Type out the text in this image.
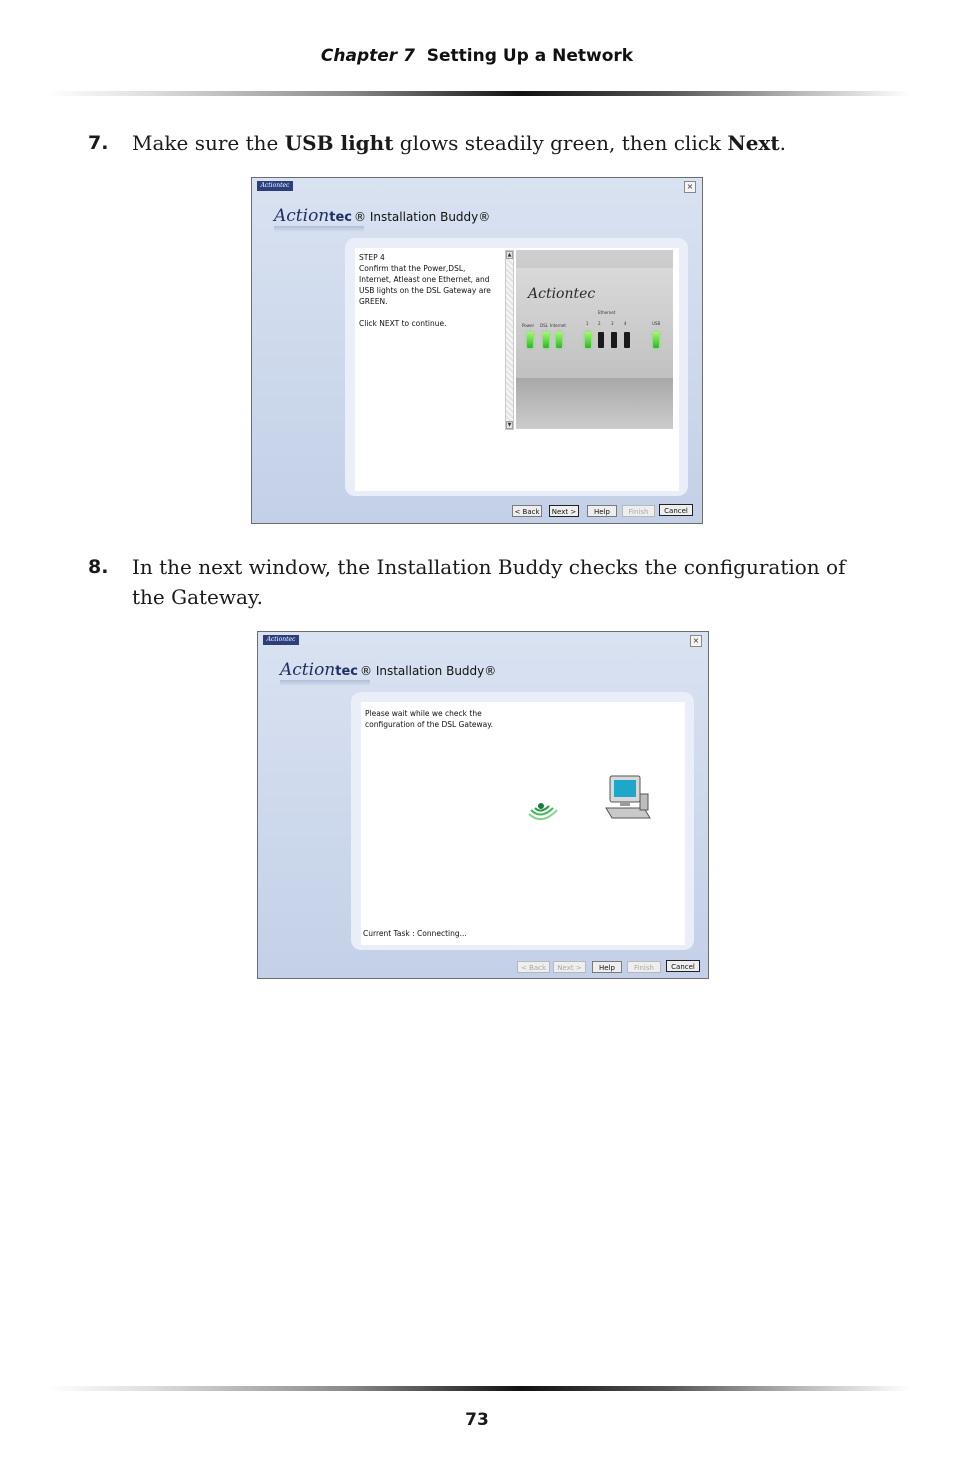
Chapter 7 Setting Up a Network
7. Make sure the USB light glows steadily green, then click Next.
Actiontec	×
Actiontec ® Installation Buddy®
STEP 4
Confirm that the Power,DSL,
Internet, Atleast one Ethernet, and
USB lights on the DSL Gateway are
GREEN.

Click NEXT to continue.
▲
▼
Actiontec
Ethernet
Power DSL Internet	1 2	3	4	USB
< Back	Next >	Help	Finish	Cancel
8. In the next window, the Installation Buddy checks the configuration of the Gateway.
Actiontec	×
Actiontec ® Installation Buddy®
Please wait while we check the
configuration of the DSL Gateway.
Current Task : Connecting...
< Back	Next >	Help	Finish	Cancel
73
